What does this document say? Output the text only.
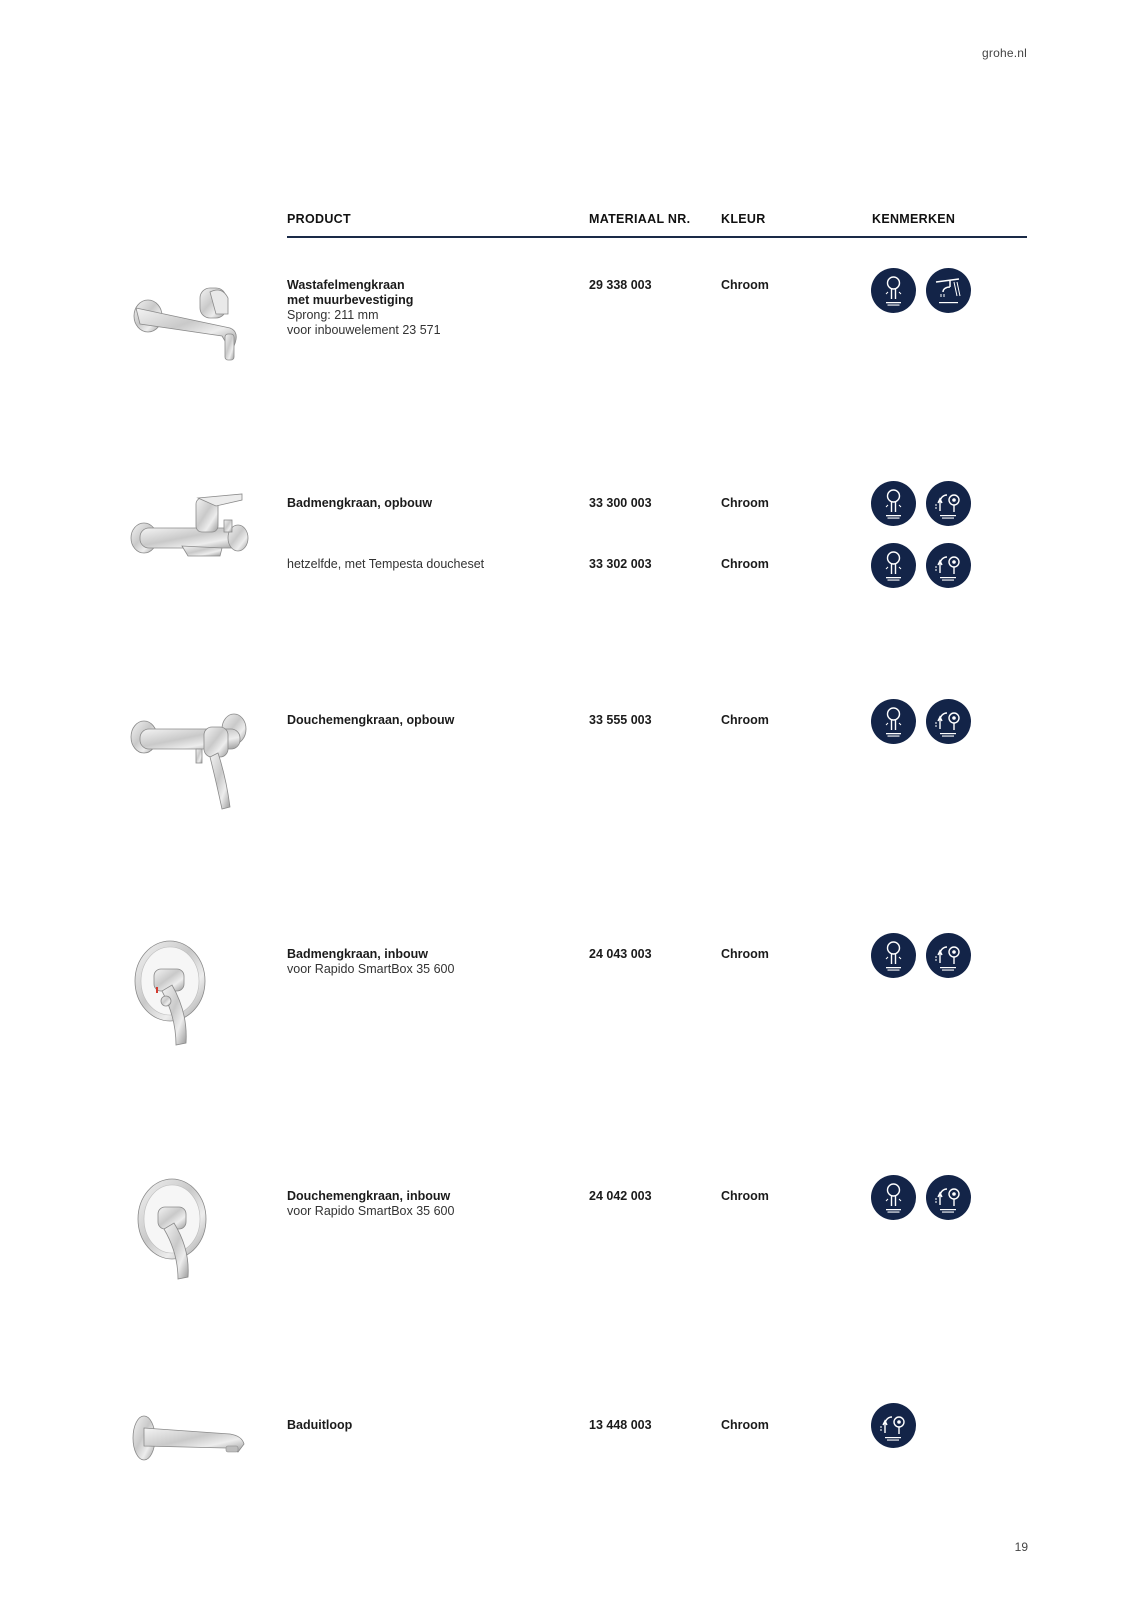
grohe.nl
PRODUCT	MATERIAAL NR. KLEUR	KENMERKEN
Wastafelmengkraan
met muurbevestiging
Sprong: 211 mm
voor inbouwelement 23 571
29 338 003	Chroom
Badmengkraan, opbouw	33 300 003	Chroom
hetzelfde, met Tempesta doucheset	33 302 003	Chroom
Douchemengkraan, opbouw	33 555 003	Chroom
Badmengkraan, inbouw
voor Rapido SmartBox 35 600
24 043 003	Chroom
Douchemengkraan, inbouw
voor Rapido SmartBox 35 600
24 042 003	Chroom
Baduitloop	13 448 003	Chroom
19
